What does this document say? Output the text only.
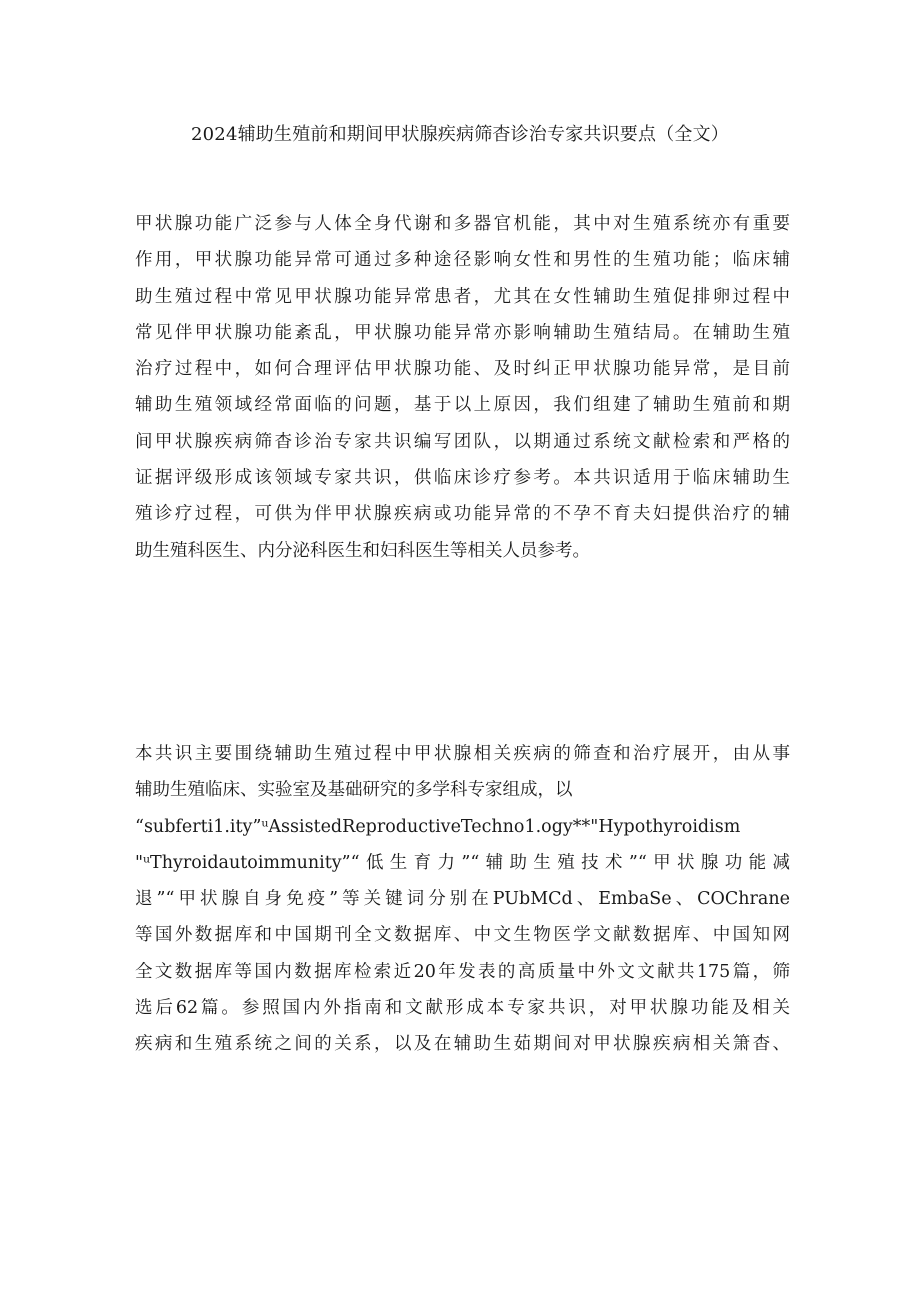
2024辅助生殖前和期间甲状腺疾病筛杳诊治专家共识要点（全文）
甲状腺功能广泛参与人体全身代谢和多器官机能，其中对生殖系统亦有重要
作用，甲状腺功能异常可通过多种途径影响女性和男性的生殖功能；临床辅
助生殖过程中常见甲状腺功能异常患者，尤其在女性辅助生殖促排卵过程中
常见伴甲状腺功能紊乱，甲状腺功能异常亦影响辅助生殖结局。在辅助生殖
治疗过程中，如何合理评估甲状腺功能、及时纠正甲状腺功能异常，是目前
辅助生殖领域经常面临的问题，基于以上原因，我们组建了辅助生殖前和期
间甲状腺疾病筛杳诊治专家共识编写团队，以期通过系统文献检索和严格的
证据评级形成该领域专家共识，供临床诊疗参考。本共识适用于临床辅助生
殖诊疗过程，可供为伴甲状腺疾病或功能异常的不孕不育夫妇提供治疗的辅
助生殖科医生、内分泌科医生和妇科医生等相关人员参考。
本共识主要围绕辅助生殖过程中甲状腺相关疾病的筛查和治疗展开，由从事
辅助生殖临床、实验室及基础研究的多学科专家组成，以
“subferti1.ity”ᵘAssistedReproductiveTechno1.ogy**"Hypothyroidism
"ᵘThyroidautoimmunity”“低生育力”“辅助生殖技术”“甲状腺功能减
退”“甲状腺自身免疫”等关键词分别在PUbMCd、EmbaSe、COChrane
等国外数据库和中国期刊全文数据库、中文生物医学文献数据库、中国知网
全文数据库等国内数据库检索近20年发表的高质量中外文文献共175篇，筛
选后62篇。参照国内外指南和文献形成本专家共识，对甲状腺功能及相关
疾病和生殖系统之间的关系，以及在辅助生茹期间对甲状腺疾病相关箫杳、
